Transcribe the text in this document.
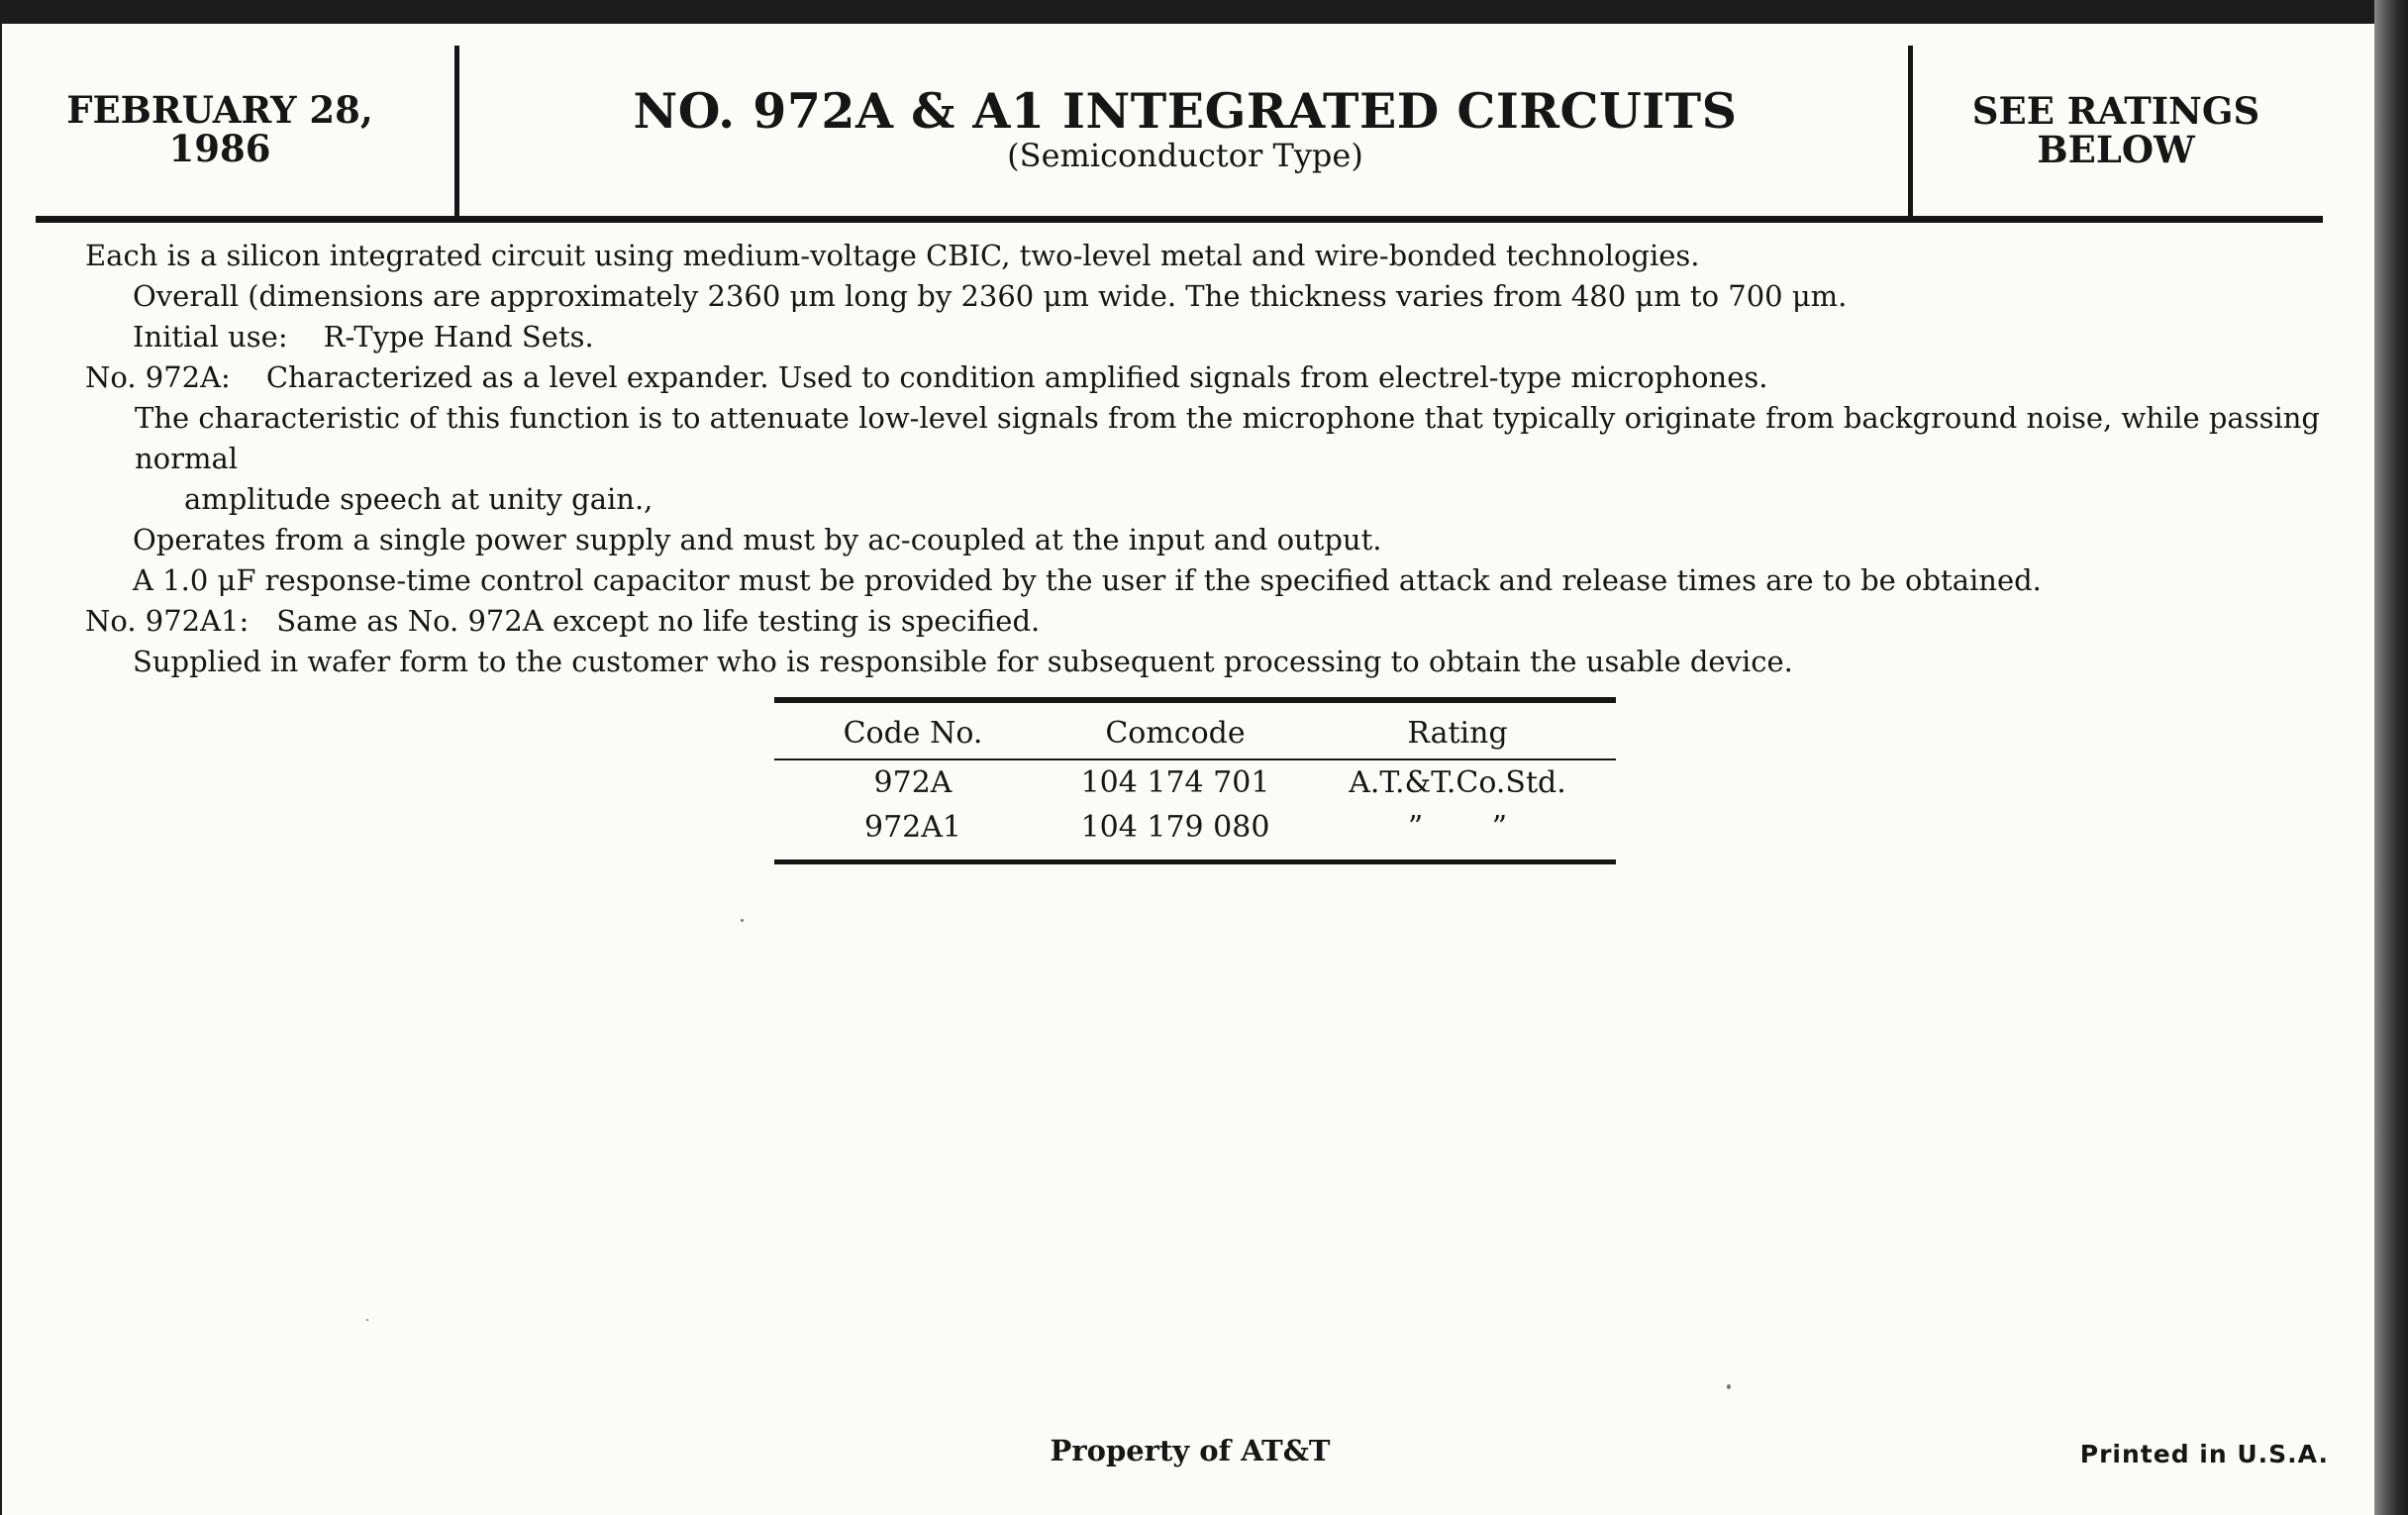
FEBRUARY 28,
1986
NO. 972A & A1 INTEGRATED CIRCUITS
(Semiconductor Type)
SEE RATINGS
BELOW

Each is a silicon integrated circuit using medium-voltage CBIC, two-level metal and wire-bonded technologies.

Overall (dimensions are approximately 2360 μm long by 2360 μm wide. The thickness varies from 480 μm to 700 μm.

Initial use: R-Type Hand Sets.

No. 972A: Characterized as a level expander. Used to condition amplified signals from electrel-type microphones.

The characteristic of this function is to attenuate low-level signals from the microphone that typically originate from background noise, while passing normal
amplitude speech at unity gain.,

Operates from a single power supply and must by ac-coupled at the input and output.

A 1.0 μF response-time control capacitor must be provided by the user if the specified attack and release times are to be obtained.

No. 972A1: Same as No. 972A except no life testing is specified.

Supplied in wafer form to the customer who is responsible for subsequent processing to obtain the usable device.

Code No.	Comcode	Rating
972A	104 174 701	A.T.&T.Co.Std.
972A1	104 179 080	” ”
Property of AT&T	Printed in U.S.A.
